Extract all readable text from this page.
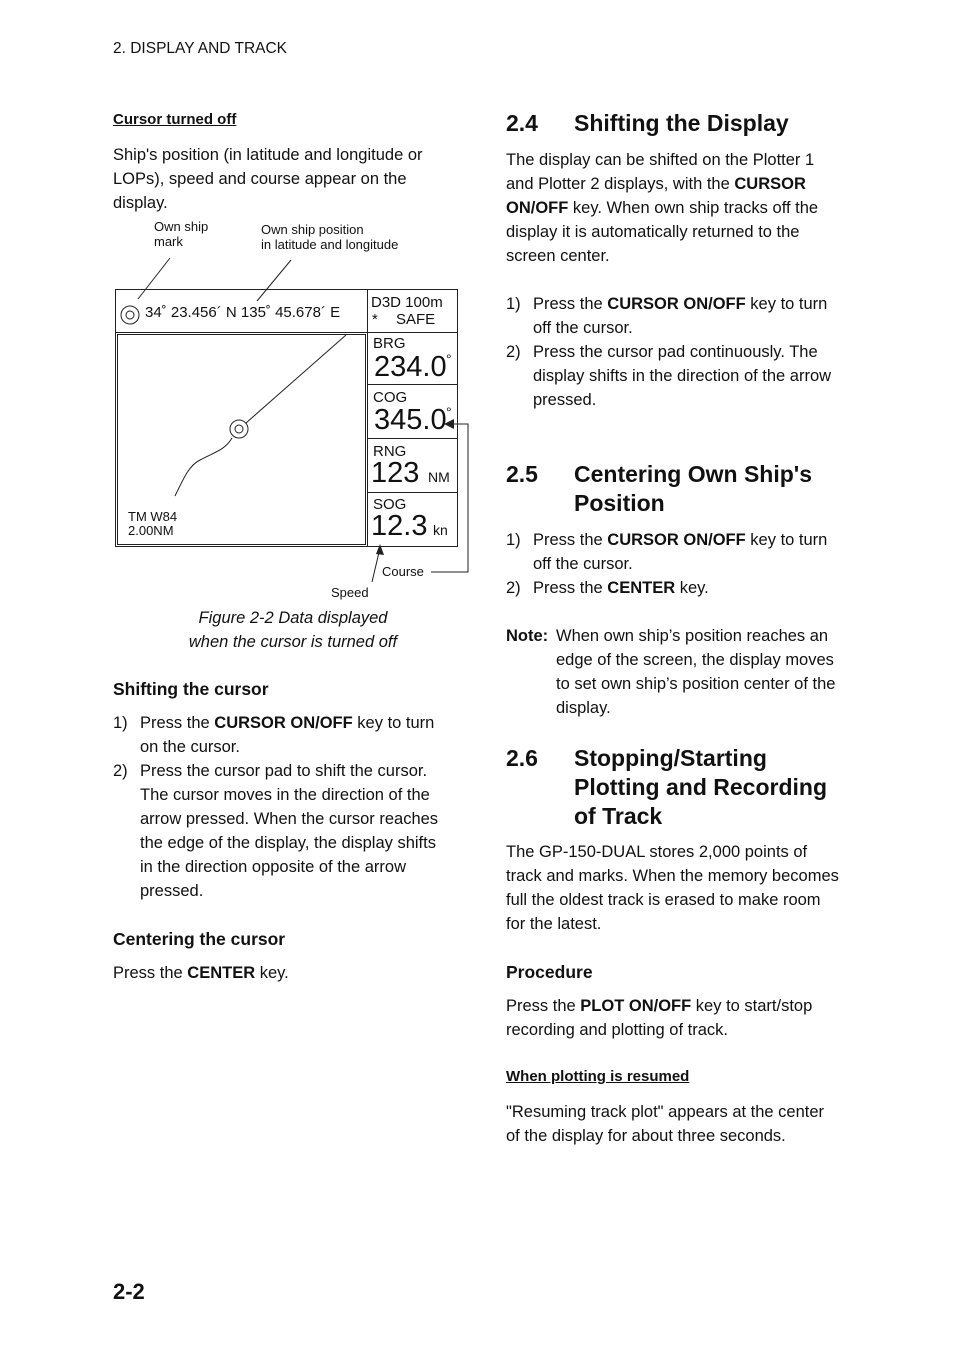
2. DISPLAY AND TRACK
Cursor turned off
Ship's position (in latitude and longitude or
LOPs), speed and course appear on the
display.
Own ship
mark
Own ship position
in latitude and longitude
34˚ 23.456´ N 135˚ 45.678´ E
D3D 100m
* SAFE
BRG
234.0 °
COG
345.0 °
RNG
123 NM
SOG
12.3 kn
TM W84
2.00NM
Course
Speed
Figure 2-2 Data displayed
when the cursor is turned off
Shifting the cursor
1) Press the CURSOR ON/OFF key to turn
on the cursor.
2) Press the cursor pad to shift the cursor.
The cursor moves in the direction of the
arrow pressed. When the cursor reaches
the edge of the display, the display shifts
in the direction opposite of the arrow
pressed.
Centering the cursor
Press the CENTER key.
2.4 Shifting the Display
The display can be shifted on the Plotter 1
and Plotter 2 displays, with the CURSOR
ON/OFF key. When own ship tracks off the
display it is automatically returned to the
screen center.
1) Press the CURSOR ON/OFF key to turn
off the cursor.
2) Press the cursor pad continuously. The
display shifts in the direction of the arrow
pressed.
2.5 Centering Own Ship's
Position
1) Press the CURSOR ON/OFF key to turn
off the cursor.
2) Press the CENTER key.
Note: When own ship’s position reaches an
edge of the screen, the display moves
to set own ship’s position center of the
display.
2.6 Stopping/Starting
Plotting and Recording
of Track
The GP-150-DUAL stores 2,000 points of
track and marks. When the memory becomes
full the oldest track is erased to make room
for the latest.
Procedure
Press the PLOT ON/OFF key to start/stop
recording and plotting of track.
When plotting is resumed
"Resuming track plot" appears at the center
of the display for about three seconds.
2-2
